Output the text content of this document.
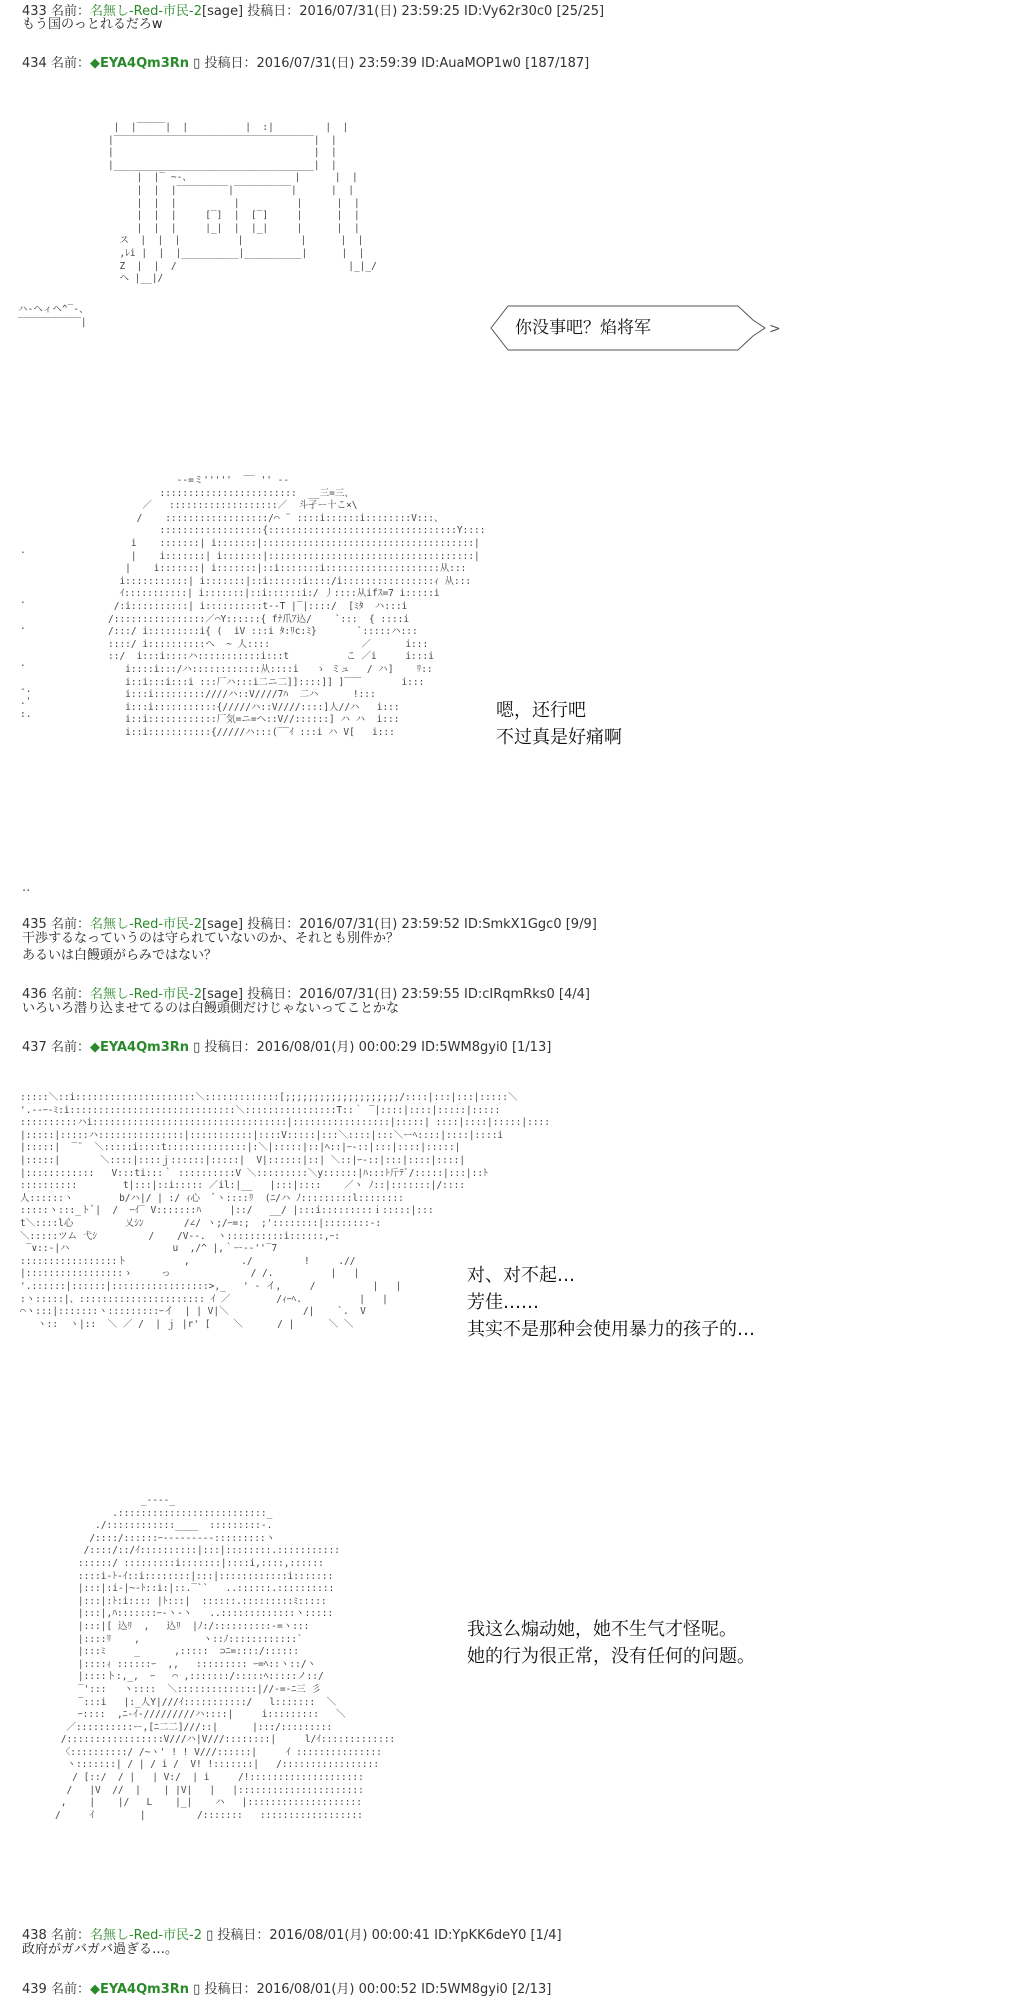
433 名前：名無し-Red-市民-2[sage] 投稿日：2016/07/31(日) 23:59:25 ID:Vy62r30c0 [25/25]
もう国のっとれるだろw
434 名前：◆EYA4Qm3Rn ▯ 投稿日：2016/07/31(日) 23:59:39 ID:AuaMOP1w0 [187/187]
|  |‾‾‾‾‾|  |          |  :|         |  |
|‾‾‾‾‾‾‾‾‾‾‾‾‾‾‾‾‾‾‾‾‾‾‾‾‾‾‾‾‾‾‾‾‾‾‾|  |
|                                   |  |
|___________________________________|  |
|  |‾ ~-、                  |      |  |
|  |  |‾‾‾‾‾‾‾‾‾|‾‾‾‾‾‾‾‾‾‾|      |  |
|  |  |          |          |      |  |
|  |  |     [‾]  |  [‾]     |      |  |
|  |  |     |_|  |  |_|     |      |  |
ス  |  |  |          |          |      |  |
,ﾚi |  |  |__________|__________|      |  |
Z  |  |  /                              |_|_/
ヘ |__|/
ハ-ヘィヘ^‾-、
‾‾‾‾‾‾‾‾‾‾‾|	>
你没事吧？焰将军
--=ミ'''''  ‾‾ '' ‐-
::::::::::::::::::::::::  __三=三、
／   :::::::::::::::::::／  斗孑ー十こ×\
/    ::::::::::::::::::/⌒ ¨ ::::i::::::i::::::::V:::、
::::::::::::::::::{:::::::::::::::::::::::::::::::::Y::::
i    :::::::| i:::::::|:::::::::::::::::::::::::::::::::::::|
|    i:::::::| i:::::::|::::::::::::::::::::::::::::::::::::|
|    i:::::::| i:::::::|::i:::::::i::::::::::::::::::::从:::
i:::::::::::| i:::::::|::i::::::i::::/i::::::::::::::::ｨ 从:::
ｲ:::::::::::| i:::::::|::i::::::i:/ 丿::::从ifｽ=7 i:::::i
/:i::::::::::| i::::::::::t-‐T |‾|::::/  [ﾐﾀ  ハ:::i
/::::::::::::::::／⌒Y::::::{ fﾅ爪ｱ込/    `:::  { ::::i
/:::/ i:::::::::i{ (  iV :::i ﾀ:ﾘc:ﾐ}       `:::::ハ:::
::::/ i::::::::::ヘ  ~ 人::::                ／      i:::
::/  i:::i::::ハ:::::::::::i:::t          こ ／i     i:::i
i::::i:::/ハ::::::::::::从::::i   ゝ ミュ   / ハ]    ﾘ::
i::i:::i:::i :::厂ハ:::i二ニ二]]::::]] ]‾‾‾       i:::
i:::i:::::::::////ハ::V////7ﾊ  二ハ      !:::
i:::i:::::::::::{/////ハ::V////::::]人//ハ   i:::
i::i::::::::::::厂気=ニ=ヘ::V//::::::] ハ ハ  i:::
i::i:::::::::::{/////ハ:::(‾‾ｲ :::i ハ V[   i:::
.

.

.

.

-.
.'
:.	嗯，还行吧
不过真是好痛啊
..
435 名前：名無し-Red-市民-2[sage] 投稿日：2016/07/31(日) 23:59:52 ID:SmkX1Ggc0 [9/9]
干渉するなっていうのは守られていないのか、それとも別件か？
あるいは白饅頭がらみではない？
436 名前：名無し-Red-市民-2[sage] 投稿日：2016/07/31(日) 23:59:55 ID:cIRqmRks0 [4/4]
いろいろ潜り込ませてるのは白饅頭側だけじゃないってことかな
437 名前：◆EYA4Qm3Rn ▯ 投稿日：2016/08/01(月) 00:00:29 ID:5WM8gyi0 [1/13]
:::::＼::i:::::::::::::::::::::＼:::::::::::::[;;;;;;;;;;;;;;;;;;;;/::::|:::|:::|:::::＼
'.--ｰ‐ﾐ:i:::::::::::::::::::::::::::::＼::::::::::::::::T::｀ ‾|::::|::::|:::::|:::::
::::::::::ハi::::::::::::::::::::::::::::::::::|:::::::::::::::::|:::::| ::::|::::|:::::|::::
|:::::|:::::ハ:::::::::::::::|:::::::::::|::::V:::::|:::＼::::|:::＼ーﾍ::::|::::|::::i
|:::::|  ‾¨  ＼:::::i::::t::::::::::::::|:＼|:::::|::|ﾍ::|ｰ-::|:::|::::|:::::|
|:::::|       ＼::::|::::ｊ::::::|:::::|  V|::::::|::| ＼::|ｰ-::|:::|::::|::::|
|::::::::::::   V:::ti:::｀ ::::::::::V ＼:::::::::＼y::::::|ﾊ:::ﾄ斤ﾃﾞ/:::::|:::|::ﾄ
::::::::::        t|:::|::i::::: ／il:|__   |:::|::::    ／ヽ ﾉ::|:::::::|/::::
人::::::ヽ        b/ハ|/ | :/ ｨ心  ﾞヽ::::ﾘ  (ﾆ/ハ ﾉ:::::::::l::::::::
:::::ヽ:::_トﾞ|  /  ｰｲ‾ V:::::::ﾊ     |::/   __/ |:::i:::::::::ｉ:::::|:::
t＼::::l心         乂ｼﾝ       /∠/ ヽ;/ｰ=:;  ;'::::::::|::::::::-:
＼:::::ツム 弋ｼ         /    /V‐-.  ヽ::::::::::i::::::,ｰ:
‾∨::-|ハ                  u  ,/^ |,｀ー‐‐''‾7
:::::::::::::::::ト          ,         ./         !     .//
|:::::::::::::::::ゝ     っ              / /.          |   |
'.::::::|::::::|:::::::::::::::::>,_   ' ‐ イ,     /          |   |
:ヽ:::::|、:::::::::::::::::::::: ｲ ／        /ｨｰﾍ.          |   |
⌒ヽ:::|:::::::ヽ:::::::::ｰイ  | | V|＼             /|    `.  V
ヽ::  ヽ|::  ＼ ／ /  | ｊ |r' [    ＼      / |      ＼ ＼
对、对不起…
芳佳……
其实不是那种会使用暴力的孩子的…
_‐‐‐-_
.::::::::::::::::::::::::::_
./::::::::::::____  :::::::::-.
/::::/::::::ｰ‐‐‐‐‐‐‐‐‐:::::::::ヽ
/::::/::/ｲ::::::::::|:::|::::::::.:::::::::::
::::::/ :::::::::i:::::::|::::i,::::,::::::
::::i-ﾄ-ｲ::i::::::::|:::|::::::::::::i:::::::
|:::|:i-|~‐ﾄ::i:|::.‾``   ..::::::.::::::::::
|:::|:ﾄ:i:::: |ﾄ:::|  ::::::.:::::::::ﾐ:::::
|:::|,ﾊ:::::::ｰ‐ヽ‐ヽ   ..:::::::::::::ヽ:::::
|:::|[ 込ﾘ  ,   込ﾘ  |ﾉ:/::::::::::-=ヽ:::
|::::ﾘ    ,           ヽ::ﾉ::::::::::::`
|:::ﾐ     _      ,:::::  ⊃ﾆ=::::/::::::
|::::ｨ ::::::ｰ  ,,   ::::::::: ｰ=ﾍ::ヽ::/ヽ
|::::ト:,_,  ｰ   ⌒ ,:::::::/:::::ﾍ:::::ノ::/
‾':::   ヽ::::  ＼::::::::::::::|//‐=-ﾆ三 彡
‾:::i   |:_人Y|///ｲ:::::::::::/   l:::::::  ＼
ｰ::::  ,ﾆ-ｲ-/////////ハ::::|     i:::::::::   ＼
／::::::::::ー,[ﾆ二二]///::|      |:::/:::::::::
/:::::::::::::::::V///ハ|V///::::::::|     l/ｲ:::::::::::::
〈::::::::::/ /~ヽ' ! ! V///::::::|     ｲ :::::::::::::::
ヽ:::::::| / | / i /  V! !:::::::|   /:::::::::::::::::
/ [::/  / |   | V:/  | i     /!::::::::::::::::::::
/   |V  //  |    | |V|   |   |::::::::::::::::::::::
,    |    |/   L    |_|    ハ   |::::::::::::::::::::
/     ｲ        |         /:::::::   ::::::::::::::::::
我这么煽动她，她不生气才怪呢。
她的行为很正常，没有任何的问题。
438 名前：名無し-Red-市民-2 ▯ 投稿日：2016/08/01(月) 00:00:41 ID:YpKK6deY0 [1/4]
政府がガバガバ過ぎる…。
439 名前：◆EYA4Qm3Rn ▯ 投稿日：2016/08/01(月) 00:00:52 ID:5WM8gyi0 [2/13]
